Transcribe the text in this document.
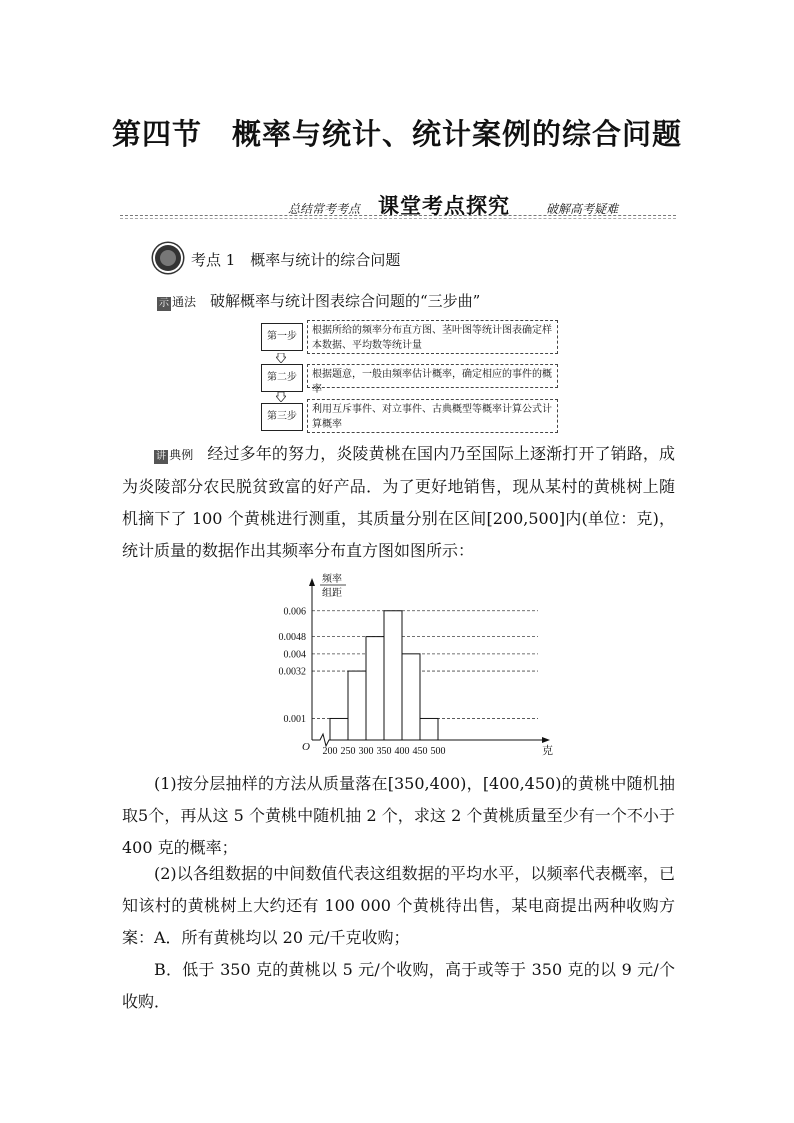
第四节　概率与统计、统计案例的综合问题
总结常考考点 课堂考点探究	破解高考疑难
考点 1　概率与统计的综合问题
示 通法 破解概率与统计图表综合问题的“三步曲”
第一步
根据所给的频率分布直方图、茎叶图等统计图表确定样本数据、平均数等统计量
第二步	根据题意，一般由频率估计概率，确定相应的事件的概率
第三步
利用互斥事件、对立事件、古典概型等概率计算公式计算概率
讲 典例 经过多年的努力，炎陵黄桃在国内乃至国际上逐渐打开了销路，成为炎陵部分农民脱贫致富的好产品．为了更好地销售，现从某村的黄桃树上随机摘下了 100 个黄桃进行测重，其质量分别在区间[200,500]内(单位：克)，统计质量的数据作出其频率分布直方图如图所示：
0.006
0.0048
0.004
0.0032
0.001
200 250 300 350 400 450 500
O	克
频率
组距
(1)按分层抽样的方法从质量落在[350,400)，[400,450)的黄桃中随机抽取5个，再从这 5 个黄桃中随机抽 2 个，求这 2 个黄桃质量至少有一个不小于 400 克的概率；
(2)以各组数据的中间数值代表这组数据的平均水平，以频率代表概率，已知该村的黄桃树上大约还有 100 000 个黄桃待出售，某电商提出两种收购方案： A．所有黄桃均以 20 元/千克收购；
B．低于 350 克的黄桃以 5 元/个收购，高于或等于 350 克的以 9 元/个收购．
